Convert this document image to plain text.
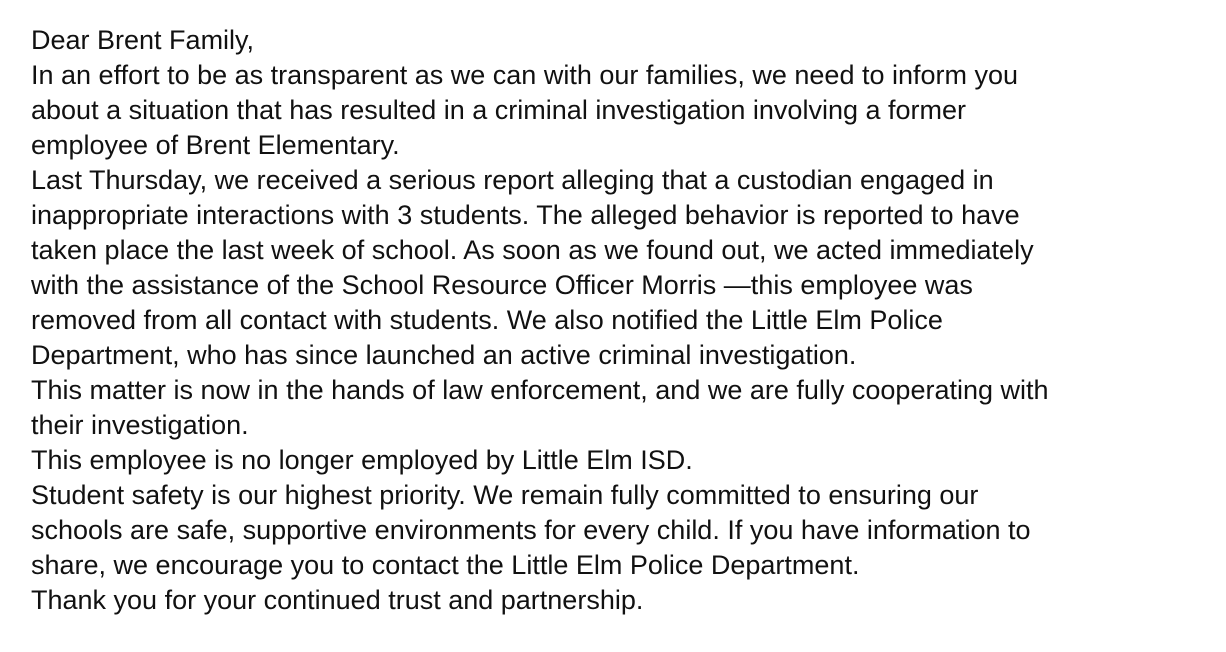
Dear Brent Family,

In an effort to be as transparent as we can with our families, we need to inform you

about a situation that has resulted in a criminal investigation involving a former

employee of Brent Elementary.

Last Thursday, we received a serious report alleging that a custodian engaged in

inappropriate interactions with 3 students. The alleged behavior is reported to have

taken place the last week of school. As soon as we found out, we acted immediately

with the assistance of the School Resource Officer Morris —this employee was

removed from all contact with students. We also notified the Little Elm Police

Department, who has since launched an active criminal investigation.

This matter is now in the hands of law enforcement, and we are fully cooperating with

their investigation.

This employee is no longer employed by Little Elm ISD.

Student safety is our highest priority. We remain fully committed to ensuring our

schools are safe, supportive environments for every child. If you have information to

share, we encourage you to contact the Little Elm Police Department.

Thank you for your continued trust and partnership.
